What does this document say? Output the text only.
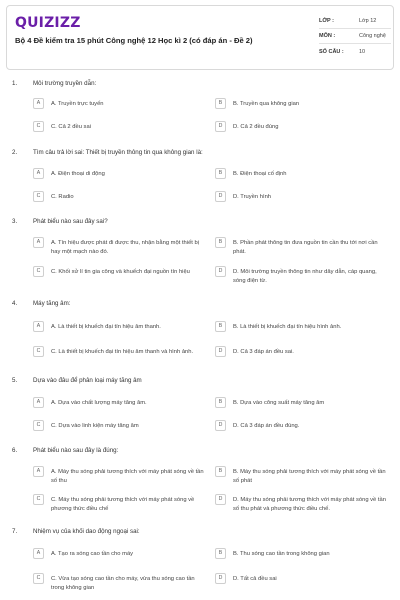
QUIZIZZ
Bộ 4 Đề kiểm tra 15 phút Công nghệ 12 Học kì 2 (có đáp án - Đề 2)
LỚP :	Lớp 12
MÔN :	Công nghệ
SỐ CÂU :	10
1.	Môi trường truyền dẫn:
A	A. Truyền trực tuyến	B	B. Truyền qua không gian
C	C. Cả 2 đều sai	D	D. Cả 2 đều đúng
2.	Tìm câu trả lời sai: Thiết bị truyền thông tin qua không gian là:
A	A. Điện thoại di động	B	B. Điện thoại cố định
C	C. Radio	D	D. Truyền hình
3.	Phát biểu nào sau đây sai?
A	A. Tín hiệu được phát đi được thu, nhận bằng một thiết bị hay một mạch nào đó.
B	B. Phần phát thông tin đưa nguồn tin cần thu tới nơi cần phát.
C	C. Khối xử lí tin gia công và khuếch đại nguồn tín hiệu	D	D. Môi trường truyền thông tin như dây dẫn, cáp quang, sóng điện từ.
4.	Máy tăng âm:
A	A. Là thiết bị khuếch đại tín hiệu âm thanh.	B	B. Là thiết bị khuếch đại tín hiệu hình ảnh.
C	C. Là thiết bị khuếch đại tín hiệu âm thanh và hình ảnh.	D	D. Cả 3 đáp án đều sai.
5.	Dựa vào đâu để phân loại máy tăng âm
A	A. Dựa vào chất lượng máy tăng âm.	B	B. Dựa vào công suất máy tăng âm
C	C. Dựa vào linh kiện máy tăng âm	D	D. Cả 3 đáp án đều đúng.
6.	Phát biểu nào sau đây là đúng:
A	A. Máy thu sóng phải tương thích với máy phát sóng về tần số thu
B	B. Máy thu sóng phải tương thích với máy phát sóng về tần số phát
C	C. Máy thu sóng phải tương thích với máy phát sóng về phương thức điều chế
D	D. Máy thu sóng phải tương thích với máy phát sóng về tần số thu phát và phương thức điều chế.
7.	Nhiệm vụ của khối dao động ngoại sai:
A	A. Tạo ra sóng cao tần cho máy	B	B. Thu sóng cao tần trong không gian
C	C. Vừa tạo sóng cao tần cho máy, vừa thu sóng cao tần trong không gian
D	D. Tất cả đều sai
